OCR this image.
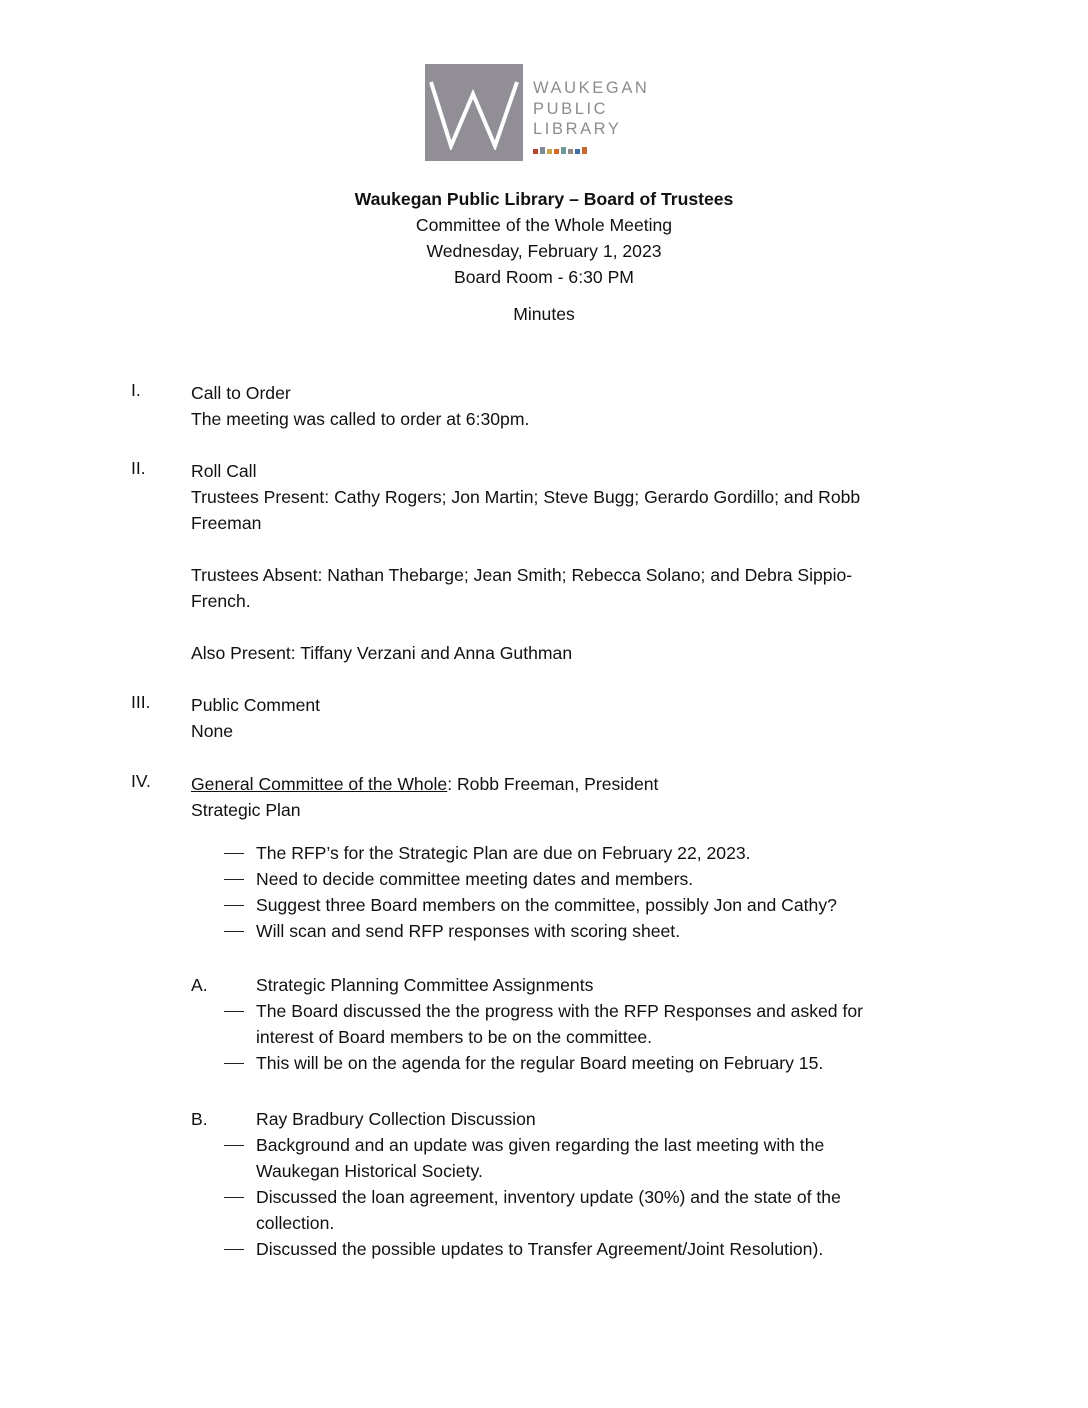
WAUKEGAN
PUBLIC
LIBRARY
Waukegan Public Library – Board of Trustees
Committee of the Whole Meeting
Wednesday, February 1, 2023
Board Room - 6:30 PM
Minutes
I.	Call to Order

The meeting was called to order at 6:30pm.

II.	Roll Call

Trustees Present: Cathy Rogers; Jon Martin; Steve Bugg; Gerardo Gordillo; and Robb

Freeman

Trustees Absent: Nathan Thebarge; Jean Smith; Rebecca Solano; and Debra Sippio-

French.

Also Present: Tiffany Verzani and Anna Guthman

III. Public Comment

None

IV. General Committee of the Whole: Robb Freeman, President

Strategic Plan

The RFP’s for the Strategic Plan are due on February 22, 2023.
Need to decide committee meeting dates and members.
Suggest three Board members on the committee, possibly Jon and Cathy?
Will scan and send RFP responses with scoring sheet.
A.	Strategic Planning Committee Assignments
The Board discussed the the progress with the RFP Responses and asked for
interest of Board members to be on the committee.
This will be on the agenda for the regular Board meeting on February 15.
B.	Ray Bradbury Collection Discussion
Background and an update was given regarding the last meeting with the
Waukegan Historical Society.
Discussed the loan agreement, inventory update (30%) and the state of the
collection.
Discussed the possible updates to Transfer Agreement/Joint Resolution).
